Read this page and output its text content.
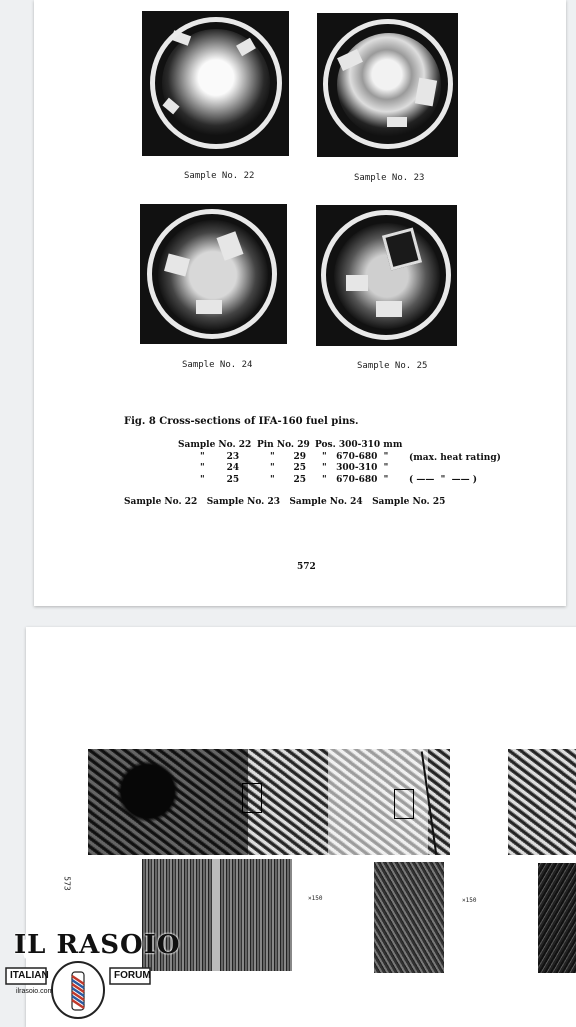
Sample No. 22	Sample No. 23
Sample No. 24	Sample No. 25
Fig. 8 Cross-sections of IFA-160 fuel pins.
Sample No. 22 Pin No. 29 Pos. 300-310 mm
"       23	"      29 "   670-680  " (max. heat rating)
"       24	"      25 "   300-310  "
"       25	"      25 "   670-680  " ( ——  "  —— )
Sample No. 22   Sample No. 23   Sample No. 24   Sample No. 25
572
573
×150	×150
IL RASOIO
ITALIAN	FORUM
ilrasoio.com
